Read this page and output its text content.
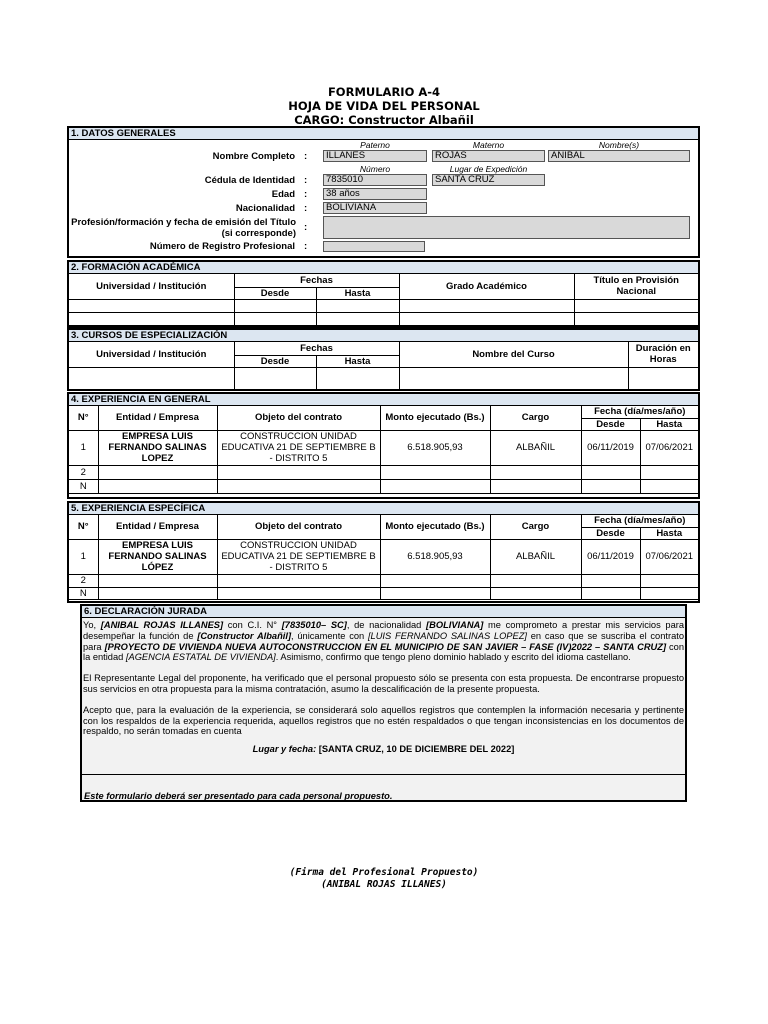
FORMULARIO A-4
HOJA DE VIDA DEL PERSONAL
CARGO: Constructor Albañil
1. DATOS GENERALES
Paterno	Materno	Nombre(s)
Nombre Completo :	ILLANES	ROJAS	ANIBAL
Número	Lugar de Expedición
Cédula de Identidad :	7835010	SANTA CRUZ
Edad :	38 años
Nacionalidad :	BOLIVIANA
Profesión/formación y fecha de emisión del Título (si corresponde)
:
Número de Registro Profesional :
2. FORMACIÓN ACADÉMICA
Universidad / Institución	Fechas		Grado Académico	Título en Provisión Nacional
	Desde	Hasta		

3. CURSOS DE ESPECIALIZACIÓN
Universidad / Institución	Fechas		Nombre del Curso	Duración en Horas
	Desde	Hasta		

4. EXPERIENCIA EN GENERAL
N°	Entidad / Empresa	Objeto del contrato	Monto ejecutado (Bs.)	Cargo	Fecha (día/mes/año)	
					Desde	Hasta
1	EMPRESA LUIS FERNANDO SALINAS LOPEZ	CONSTRUCCION UNIDAD EDUCATIVA 21 DE SEPTIEMBRE B - DISTRITO 5	6.518.905,93	ALBAÑIL	06/11/2019	07/06/2021
2						
N						
5. EXPERIENCIA ESPECÍFICA
N°	Entidad / Empresa	Objeto del contrato	Monto ejecutado (Bs.)	Cargo	Fecha (día/mes/año)	
					Desde	Hasta
1	EMPRESA LUIS FERNANDO SALINAS LÓPEZ	CONSTRUCCION UNIDAD EDUCATIVA 21 DE SEPTIEMBRE B - DISTRITO 5	6.518.905,93	ALBAÑIL	06/11/2019	07/06/2021
2						
N						
6. DECLARACIÓN JURADA

Yo, [ANIBAL ROJAS ILLANES] con C.I. N° [7835010– SC], de nacionalidad [BOLIVIANA] me comprometo a prestar mis servicios para desempeñar la función de [Constructor Albañil], únicamente con [LUIS FERNANDO SALINAS LOPEZ] en caso que se suscriba el contrato para [PROYECTO DE VIVIENDA NUEVA AUTOCONSTRUCCION EN EL MUNICIPIO DE SAN JAVIER – FASE (IV)2022 – SANTA CRUZ] con la entidad [AGENCIA ESTATAL DE VIVIENDA]. Asimismo, confirmo que tengo pleno dominio hablado y escrito del idioma castellano.

El Representante Legal del proponente, ha verificado que el personal propuesto sólo se presenta con esta propuesta. De encontrarse propuesto sus servicios en otra propuesta para la misma contratación, asumo la descalificación de la presente propuesta.

Acepto que, para la evaluación de la experiencia, se considerará solo aquellos registros que contemplen la información necesaria y pertinente con los respaldos de la experiencia requerida, aquellos registros que no estén respaldados o que tengan inconsistencias en los documentos de respaldo, no serán tomadas en cuenta

Lugar y fecha: [SANTA CRUZ, 10 DE DICIEMBRE DEL 2022]
Este formulario deberá ser presentado para cada personal propuesto.
(Firma del Profesional Propuesto)
(ANIBAL ROJAS ILLANES)
